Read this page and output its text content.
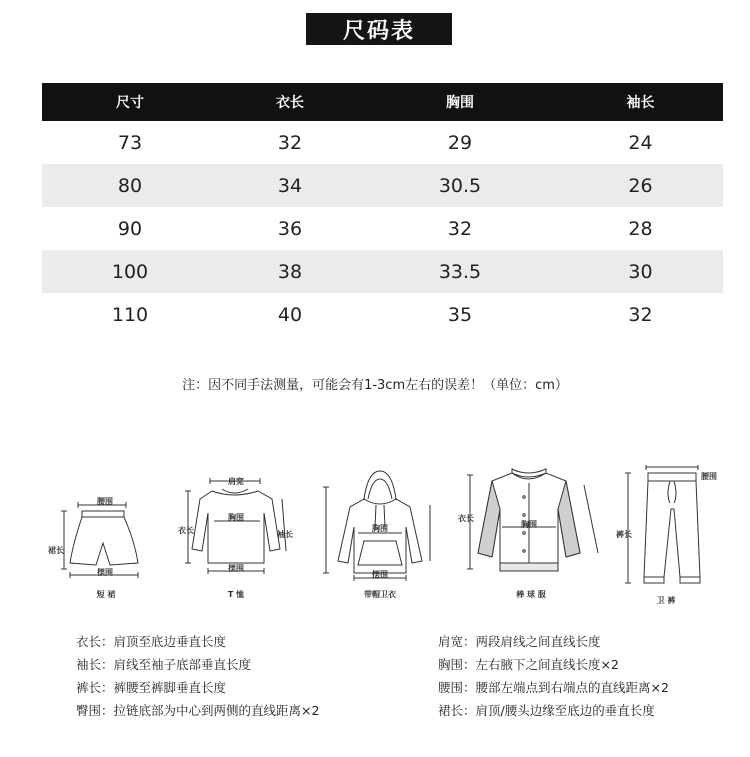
尺码表
尺寸	衣长	胸围	袖长
73	32	29	24
80	34	30.5	26
90	36	32	28
100	38	33.5	30
110	40	35	32
注：因不同手法测量，可能会有1-3cm左右的误差！（单位：cm）
腰围
裙长
摆围
短 裙
肩宽
胸围
衣长	袖长
摆围
T 恤
胸围
摆围
带帽卫衣
胸围
衣长
棒 球 服
腰围
裤长
卫 裤
衣长：肩顶至底边垂直长度
袖长：肩线至袖子底部垂直长度
裤长：裤腰至裤脚垂直长度
臀围：拉链底部为中心到两侧的直线距离×2
肩宽：两段肩线之间直线长度
胸围：左右腋下之间直线长度×2
腰围：腰部左端点到右端点的直线距离×2
裙长：肩顶/腰头边缘至底边的垂直长度
